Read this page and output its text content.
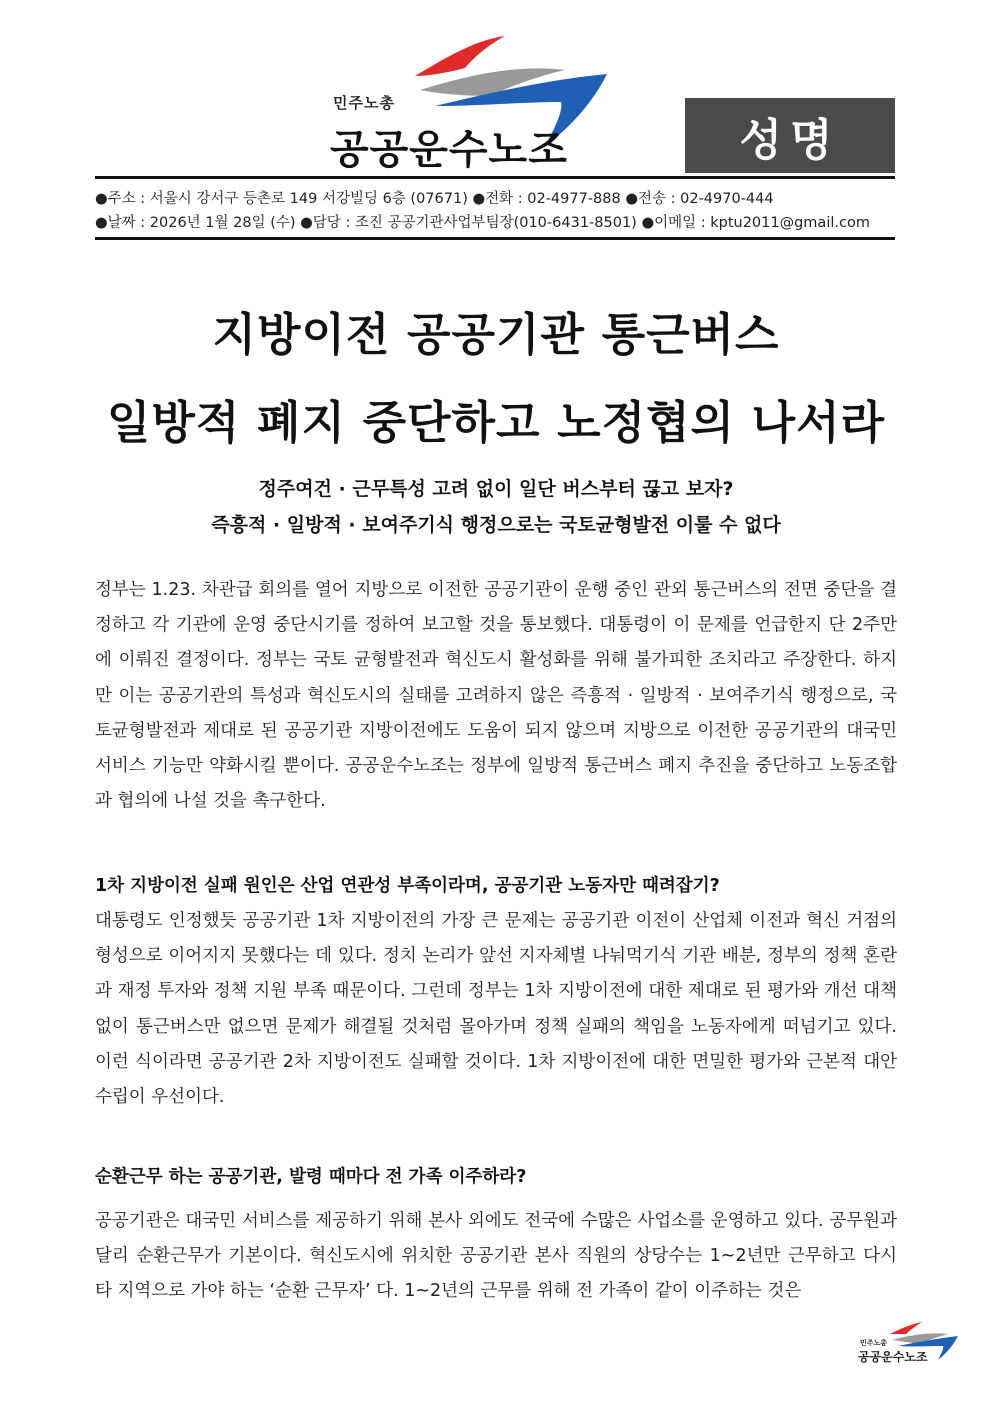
민주노총
공공운수노조	성명
●주소 : 서울시 강서구 등촌로 149 서강빌딩 6층 (07671) ●전화 : 02-4977-888 ●전송 : 02-4970-444
●날짜 : 2026년 1월 28일 (수) ●담당 : 조진 공공기관사업부팀장(010-6431-8501) ●이메일 : kptu2011@gmail.com
지방이전 공공기관 통근버스
일방적 폐지 중단하고 노정협의 나서라
정주여건 · 근무특성 고려 없이 일단 버스부터 끊고 보자?
즉흥적 · 일방적 · 보여주기식 행정으로는 국토균형발전 이룰 수 없다

정부는 1.23. 차관급 회의를 열어 지방으로 이전한 공공기관이 운행 중인 관외 통근버스의 전면 중단을 결정하고 각 기관에 운영 중단시기를 정하여 보고할 것을 통보했다. 대통령이 이 문제를 언급한지 단 2주만에 이뤄진 결정이다. 정부는 국토 균형발전과 혁신도시 활성화를 위해 불가피한 조치라고 주장한다. 하지만 이는 공공기관의 특성과 혁신도시의 실태를 고려하지 않은 즉흥적 · 일방적 · 보여주기식 행정으로, 국토균형발전과 제대로 된 공공기관 지방이전에도 도움이 되지 않으며 지방으로 이전한 공공기관의 대국민 서비스 기능만 약화시킬 뿐이다. 공공운수노조는 정부에 일방적 통근버스 폐지 추진을 중단하고 노동조합과 협의에 나설 것을 촉구한다.

1차 지방이전 실패 원인은 산업 연관성 부족이라며, 공공기관 노동자만 때려잡기?

대통령도 인정했듯 공공기관 1차 지방이전의 가장 큰 문제는 공공기관 이전이 산업체 이전과 혁신 거점의 형성으로 이어지지 못했다는 데 있다. 정치 논리가 앞선 지자체별 나눠먹기식 기관 배분, 정부의 정책 혼란과 재정 투자와 정책 지원 부족 때문이다. 그런데 정부는 1차 지방이전에 대한 제대로 된 평가와 개선 대책 없이 통근버스만 없으면 문제가 해결될 것처럼 몰아가며 정책 실패의 책임을 노동자에게 떠넘기고 있다. 이런 식이라면 공공기관 2차 지방이전도 실패할 것이다. 1차 지방이전에 대한 면밀한 평가와 근본적 대안 수립이 우선이다.

순환근무 하는 공공기관, 발령 때마다 전 가족 이주하라?

공공기관은 대국민 서비스를 제공하기 위해 본사 외에도 전국에 수많은 사업소를 운영하고 있다. 공무원과 달리 순환근무가 기본이다. 혁신도시에 위치한 공공기관 본사 직원의 상당수는 1~2년만 근무하고 다시 타 지역으로 가야 하는 ‘순환 근무자’ 다. 1~2년의 근무를 위해 전 가족이 같이 이주하는 것은

민주노총
공공운수노조
